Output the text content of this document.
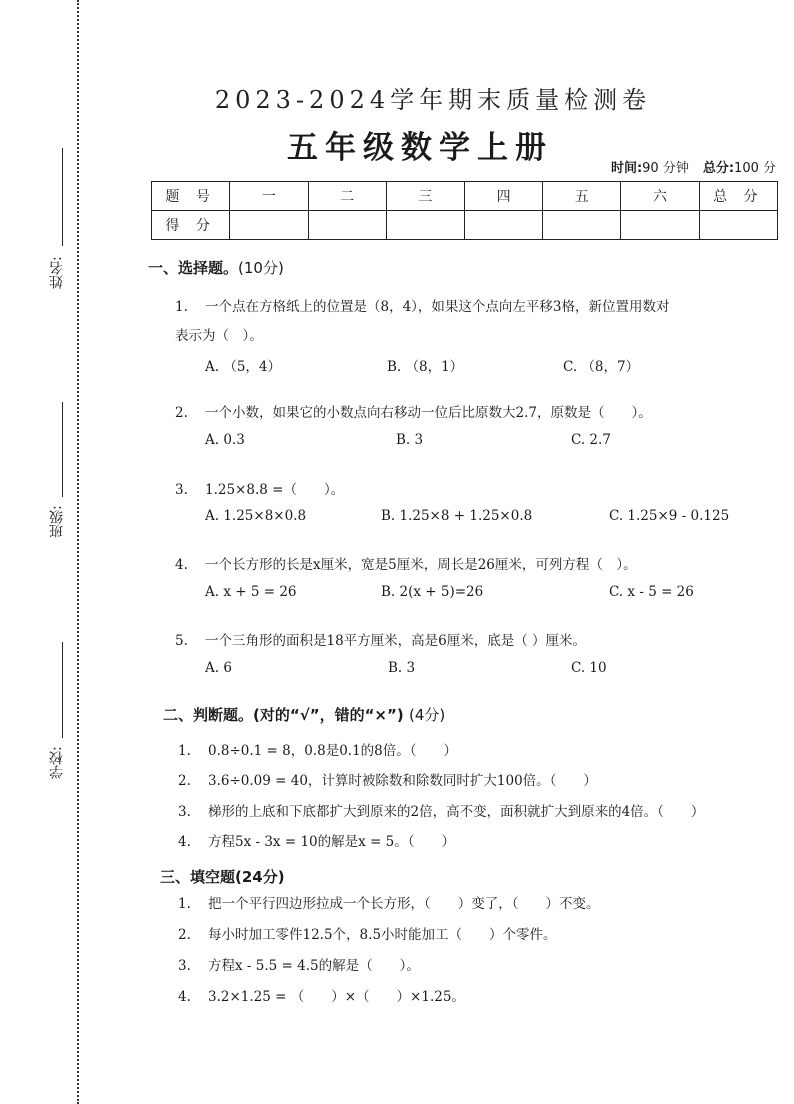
姓名:
班级:
学校:
2023-2024学年期末质量检测卷
五年级数学上册
时间:90 分钟 总分:100 分
题 号	一	二	三	四	五	六	总 分
得 分							
一、选择题。(10分)
1. 一个点在方格纸上的位置是（8，4），如果这个点向左平移3格，新位置用数对
表示为（　）。
A. （5，4）	B. （8，1）	C. （8，7）
2. 一个小数，如果它的小数点向右移动一位后比原数大2.7，原数是（　　）。
A. 0.3	B. 3	C. 2.7
3. 1.25×8.8 =（　　）。
A. 1.25×8×0.8	B. 1.25×8 + 1.25×0.8	C. 1.25×9 - 0.125
4. 一个长方形的长是x厘米，宽是5厘米，周长是26厘米，可列方程（　）。
A. x + 5 = 26	B. 2(x + 5)=26	C. x - 5 = 26
5. 一个三角形的面积是18平方厘米，高是6厘米，底是（ ）厘米。
A. 6	B. 3	C. 10
二、判断题。(对的“√”，错的“×”) (4分)
1. 0.8÷0.1 = 8，0.8是0.1的8倍。（　　）
2. 3.6÷0.09 = 40，计算时被除数和除数同时扩大100倍。（　　）
3. 梯形的上底和下底都扩大到原来的2倍，高不变，面积就扩大到原来的4倍。（　　）
4. 方程5x - 3x = 10的解是x = 5。（　　）
三、填空题(24分)
1. 把一个平行四边形拉成一个长方形，（　　）变了，（　　）不变。
2. 每小时加工零件12.5个，8.5小时能加工（　　）个零件。
3. 方程x - 5.5 = 4.5的解是（　　）。
4. 3.2×1.25 = （　　）×（　　）×1.25。
